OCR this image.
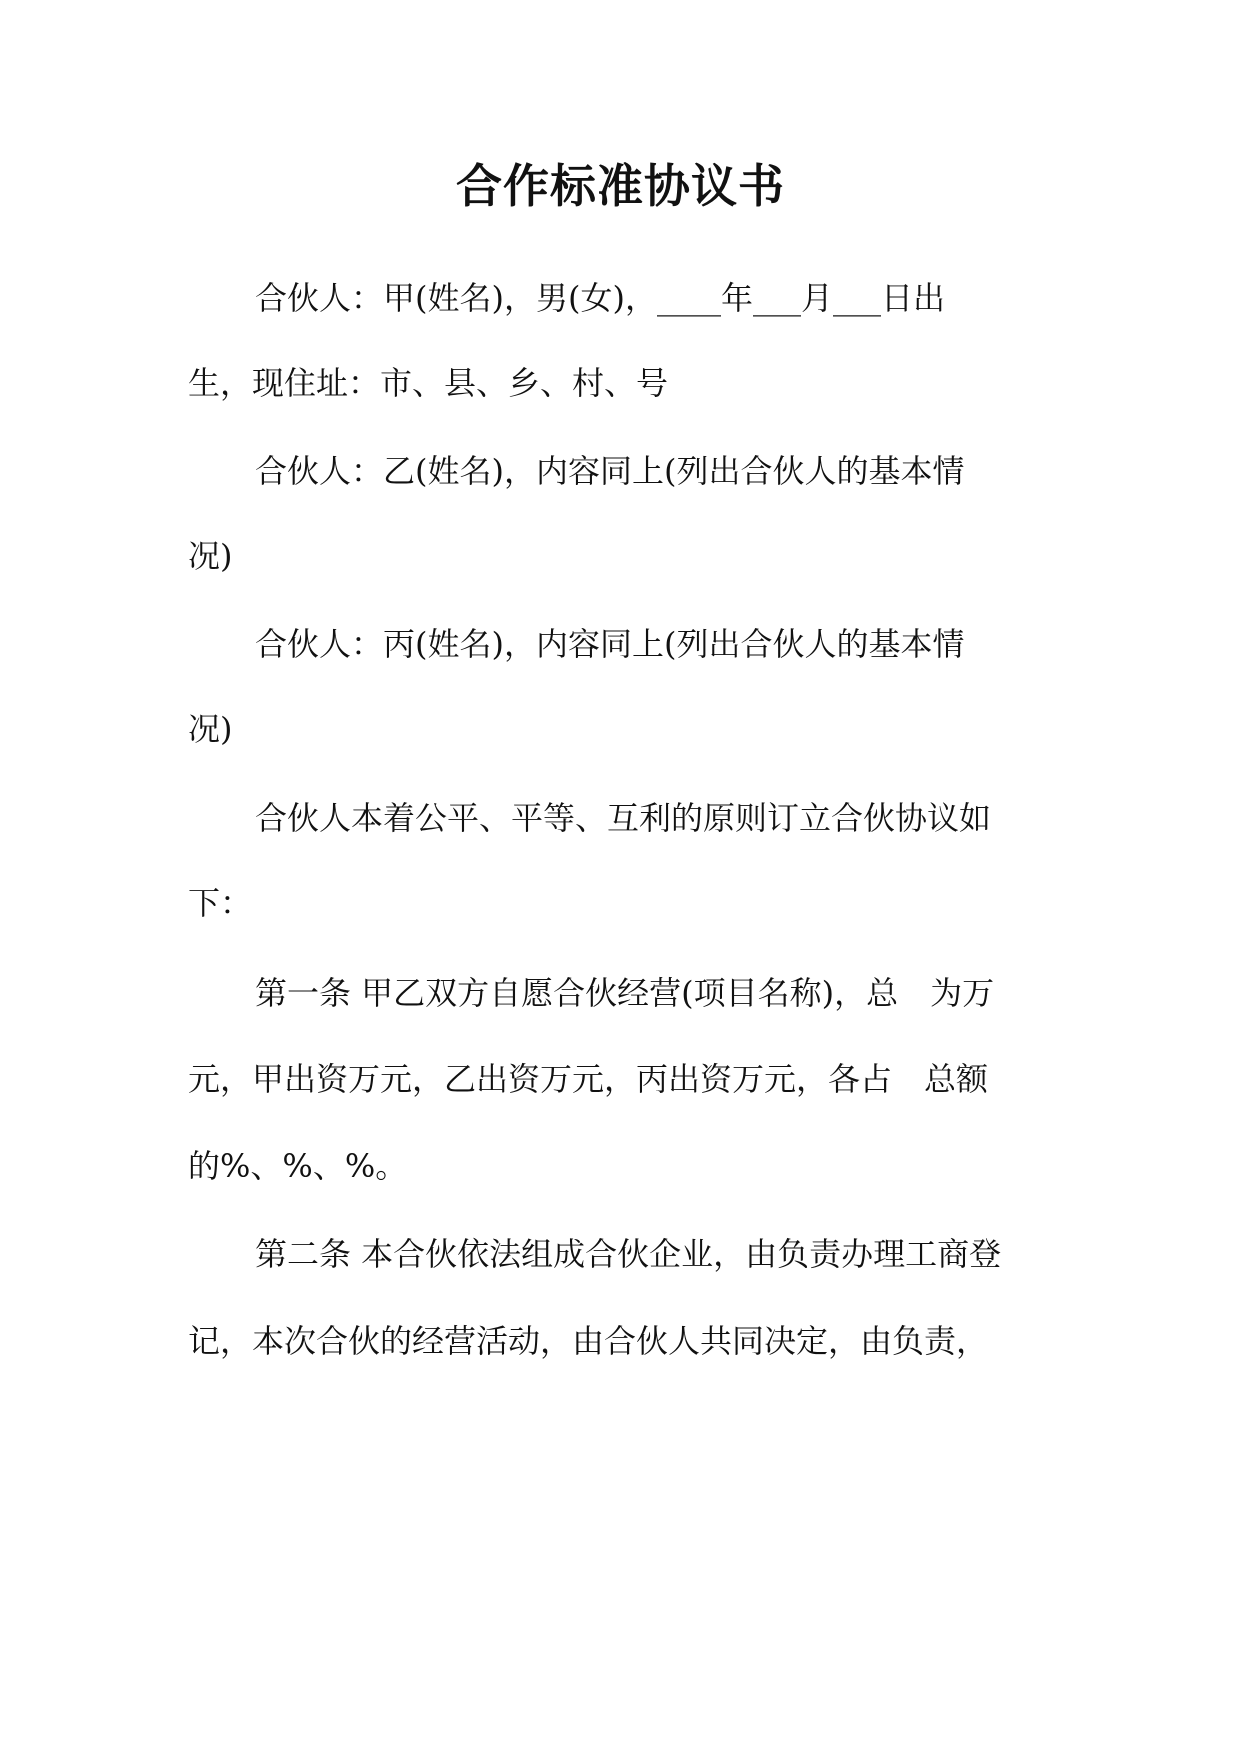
合作标准协议书
合伙人：甲(姓名)，男(女)，____年___月___日出
生，现住址：市、县、乡、村、号
合伙人：乙(姓名)，内容同上(列出合伙人的基本情
况)
合伙人：丙(姓名)，内容同上(列出合伙人的基本情
况)
合伙人本着公平、平等、互利的原则订立合伙协议如
下：
第一条 甲乙双方自愿合伙经营(项目名称)，总　为万
元，甲出资万元，乙出资万元，丙出资万元，各占　总额
的%、%、%。
第二条 本合伙依法组成合伙企业，由负责办理工商登
记，本次合伙的经营活动，由合伙人共同决定，由负责，
